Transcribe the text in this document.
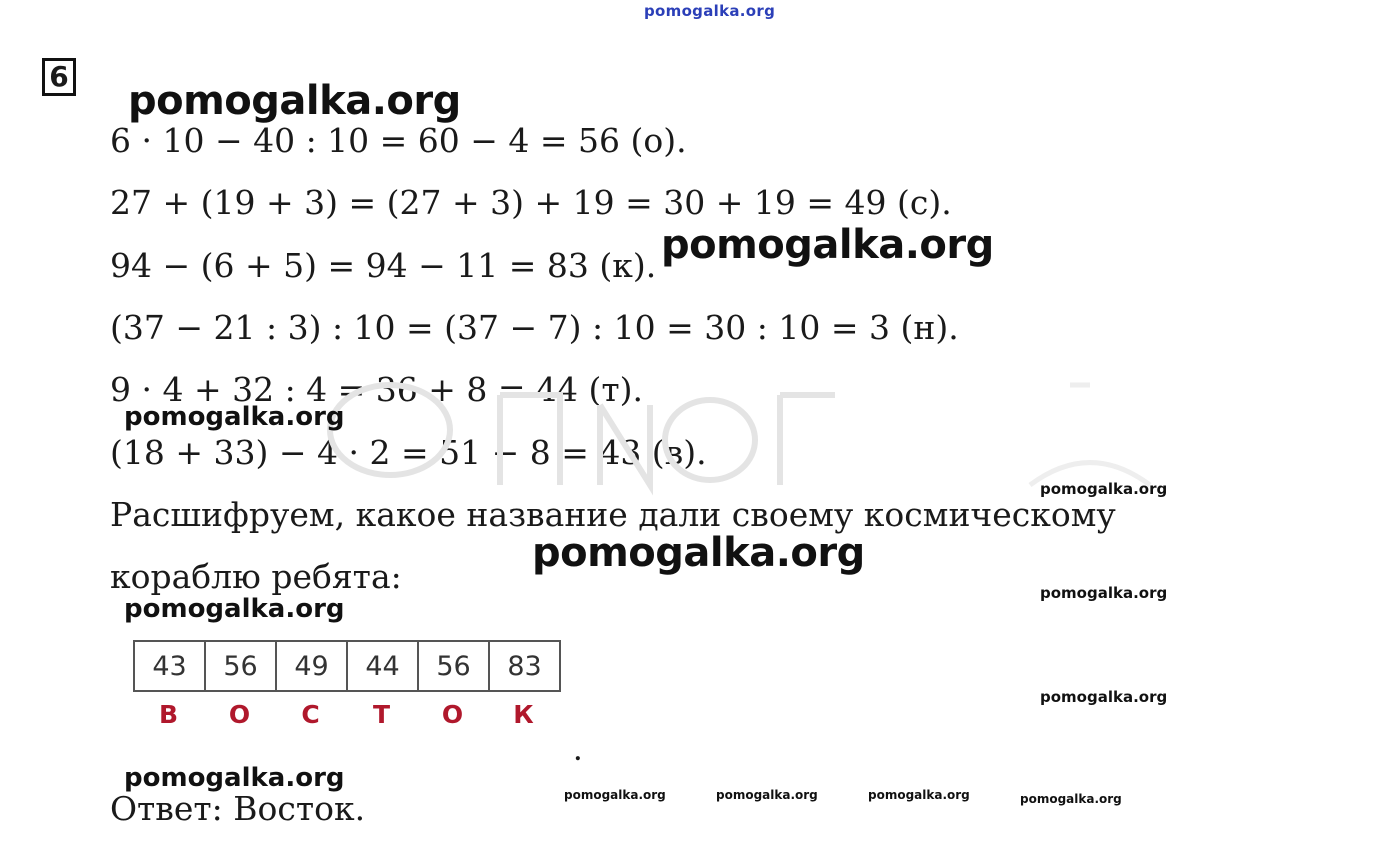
pomogalka.org
6
pomogalka.org
6 · 10 − 40 : 10 = 60 − 4 = 56 (о).
27 + (19 + 3) = (27 + 3) + 19 = 30 + 19 = 49 (с).
94 − (6 + 5) = 94 − 11 = 83 (к).
(37 − 21 : 3) : 10 = (37 − 7) : 10 = 30 : 10 = 3 (н).
9 · 4 + 32 : 4 = 36 + 8 = 44 (т).
(18 + 33) − 4 · 2 = 51 − 8 = 43 (в).
pomogalka.org
pomogalka.org
pomogalka.org
Расшифруем, какое название дали своему космическому
pomogalka.org
кораблю ребята:
pomogalka.org
pomogalka.org
43	56	49	44	56	83
В	О	С	Т	О	К
pomogalka.org
.
pomogalka.org
Ответ: Восток.	pomogalka.org	pomogalka.org	pomogalka.org	pomogalka.org
